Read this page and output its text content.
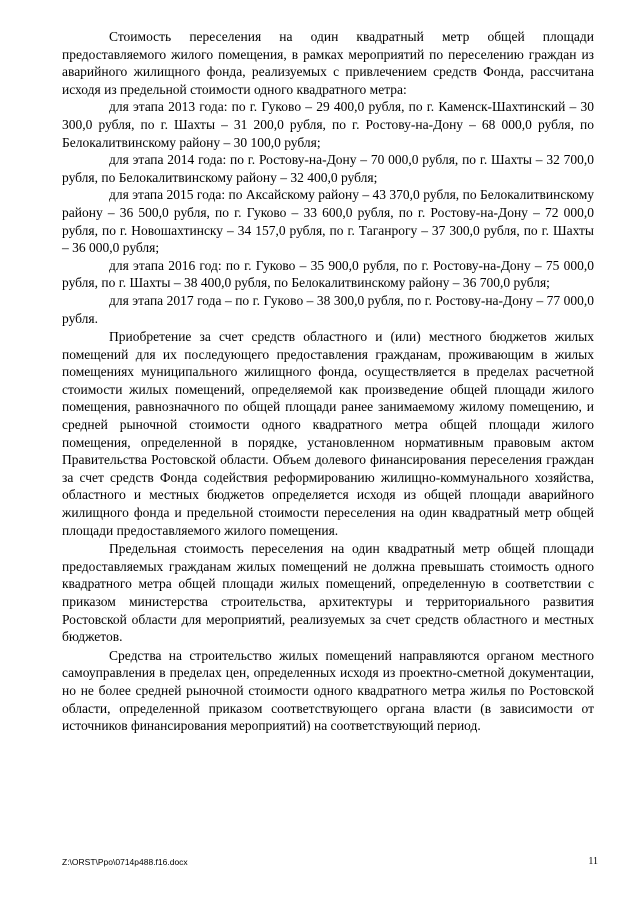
Стоимость переселения на один квадратный метр общей площади предоставляемого жилого помещения, в рамках мероприятий по переселению граждан из аварийного жилищного фонда, реализуемых с привлечением средств Фонда, рассчитана исходя из предельной стоимости одного квадратного метра:

для этапа 2013 года: по г. Гуково – 29 400,0 рубля, по г. Каменск-Шахтинский – 30 300,0 рубля, по г. Шахты – 31 200,0 рубля, по г. Ростову-на-Дону – 68 000,0 рубля, по Белокалитвинскому району – 30 100,0 рубля;

для этапа 2014 года: по г. Ростову-на-Дону – 70 000,0 рубля, по г. Шахты – 32 700,0 рубля, по Белокалитвинскому району – 32 400,0 рубля;

для этапа 2015 года: по Аксайскому району – 43 370,0 рубля, по Белокалитвинскому району – 36 500,0 рубля, по г. Гуково – 33 600,0 рубля, по г. Ростову-на-Дону – 72 000,0 рубля, по г. Новошахтинску – 34 157,0 рубля, по г. Таганрогу – 37 300,0 рубля, по г. Шахты – 36 000,0 рубля;

для этапа 2016 год: по г. Гуково – 35 900,0 рубля, по г. Ростову-на-Дону – 75 000,0 рубля, по г. Шахты – 38 400,0 рубля, по Белокалитвинскому району – 36 700,0 рубля;

для этапа 2017 года – по г. Гуково – 38 300,0 рубля, по г. Ростову-на-Дону – 77 000,0 рубля.

Приобретение за счет средств областного и (или) местного бюджетов жилых помещений для их последующего предоставления гражданам, проживающим в жилых помещениях муниципального жилищного фонда, осуществляется в пределах расчетной стоимости жилых помещений, определяемой как произведение общей площади жилого помещения, равнозначного по общей площади ранее занимаемому жилому помещению, и средней рыночной стоимости одного квадратного метра общей площади жилого помещения, определенной в порядке, установленном нормативным правовым актом Правительства Ростовской области. Объем долевого финансирования переселения граждан за счет средств Фонда содействия реформированию жилищно-коммунального хозяйства, областного и местных бюджетов определяется исходя из общей площади аварийного жилищного фонда и предельной стоимости переселения на один квадратный метр общей площади предоставляемого жилого помещения.

Предельная стоимость переселения на один квадратный метр общей площади предоставляемых гражданам жилых помещений не должна превышать стоимость одного квадратного метра общей площади жилых помещений, определенную в соответствии с приказом министерства строительства, архитектуры и территориального развития Ростовской области для мероприятий, реализуемых за счет средств областного и местных бюджетов.

Средства на строительство жилых помещений направляются органом местного самоуправления в пределах цен, определенных исходя из проектно-сметной документации, но не более средней рыночной стоимости одного квадратного метра жилья по Ростовской области, определенной приказом соответствующего органа власти (в зависимости от источников финансирования мероприятий) на соответствующий период.

Z:\ORST\Ppo\0714p488.f16.docx	11
